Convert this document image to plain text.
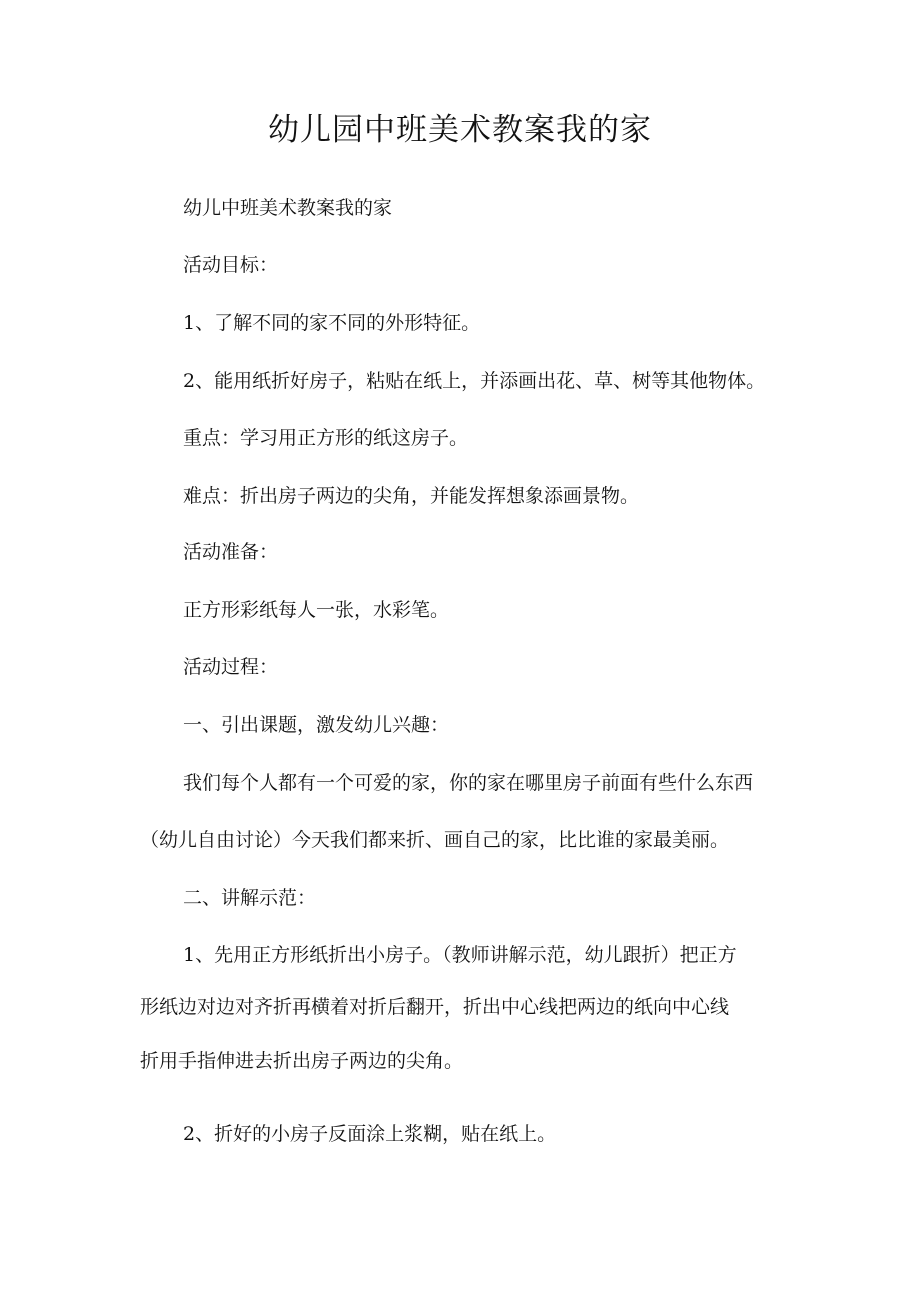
幼儿园中班美术教案我的家
幼儿中班美术教案我的家
活动目标：
1、了解不同的家不同的外形特征。
2、能用纸折好房子，粘贴在纸上，并添画出花、草、树等其他物体。
重点：学习用正方形的纸这房子。
难点：折出房子两边的尖角，并能发挥想象添画景物。
活动准备：
正方形彩纸每人一张，水彩笔。
活动过程：
一、引出课题，激发幼儿兴趣：
我们每个人都有一个可爱的家，你的家在哪里房子前面有些什么东西
（幼儿自由讨论）今天我们都来折、画自己的家，比比谁的家最美丽。
二、讲解示范：
1、先用正方形纸折出小房子。（教师讲解示范，幼儿跟折）把正方
形纸边对边对齐折再横着对折后翻开，折出中心线把两边的纸向中心线
折用手指伸进去折出房子两边的尖角。
2、折好的小房子反面涂上浆糊，贴在纸上。
